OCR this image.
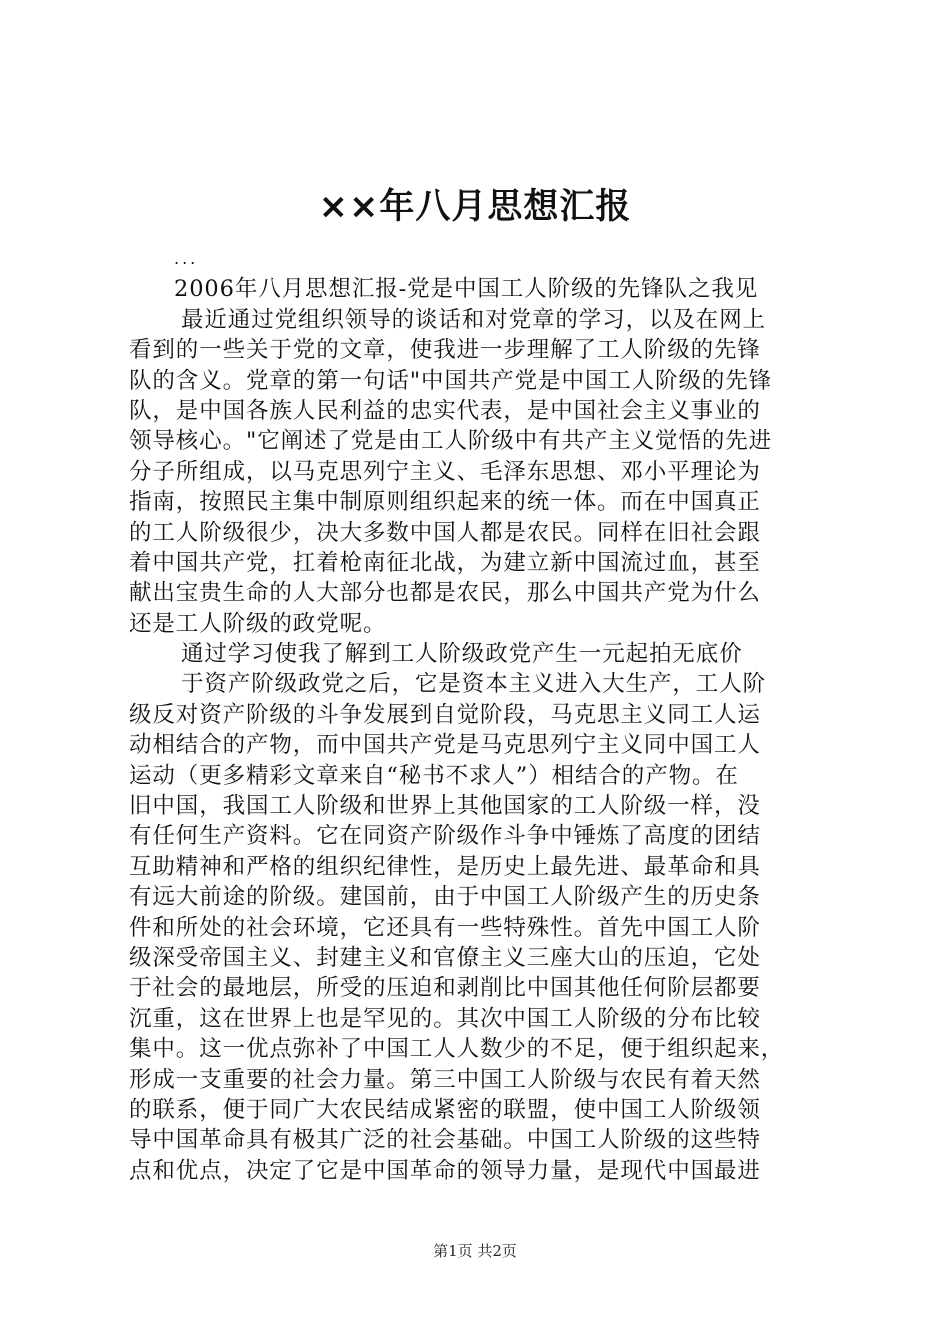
××年八月思想汇报
...
2006年八月思想汇报-党是中国工人阶级的先锋队之我见
最近通过党组织领导的谈话和对党章的学习，以及在网上
看到的一些关于党的文章，使我进一步理解了工人阶级的先锋
队的含义。党章的第一句话"中国共产党是中国工人阶级的先锋
队，是中国各族人民利益的忠实代表，是中国社会主义事业的
领导核心。"它阐述了党是由工人阶级中有共产主义觉悟的先进
分子所组成，以马克思列宁主义、毛泽东思想、邓小平理论为
指南，按照民主集中制原则组织起来的统一体。而在中国真正
的工人阶级很少，决大多数中国人都是农民。同样在旧社会跟
着中国共产党，扛着枪南征北战，为建立新中国流过血，甚至
献出宝贵生命的人大部分也都是农民，那么中国共产党为什么
还是工人阶级的政党呢。
通过学习使我了解到工人阶级政党产生一元起拍无底价
于资产阶级政党之后，它是资本主义进入大生产，工人阶
级反对资产阶级的斗争发展到自觉阶段，马克思主义同工人运
动相结合的产物，而中国共产党是马克思列宁主义同中国工人
运动（更多精彩文章来自“秘书不求人”）相结合的产物。在
旧中国，我国工人阶级和世界上其他国家的工人阶级一样，没
有任何生产资料。它在同资产阶级作斗争中锤炼了高度的团结
互助精神和严格的组织纪律性，是历史上最先进、最革命和具
有远大前途的阶级。建国前，由于中国工人阶级产生的历史条
件和所处的社会环境，它还具有一些特殊性。首先中国工人阶
级深受帝国主义、封建主义和官僚主义三座大山的压迫，它处
于社会的最地层，所受的压迫和剥削比中国其他任何阶层都要
沉重，这在世界上也是罕见的。其次中国工人阶级的分布比较
集中。这一优点弥补了中国工人人数少的不足，便于组织起来，
形成一支重要的社会力量。第三中国工人阶级与农民有着天然
的联系，便于同广大农民结成紧密的联盟，使中国工人阶级领
导中国革命具有极其广泛的社会基础。中国工人阶级的这些特
点和优点，决定了它是中国革命的领导力量，是现代中国最进
第1页 共2页
